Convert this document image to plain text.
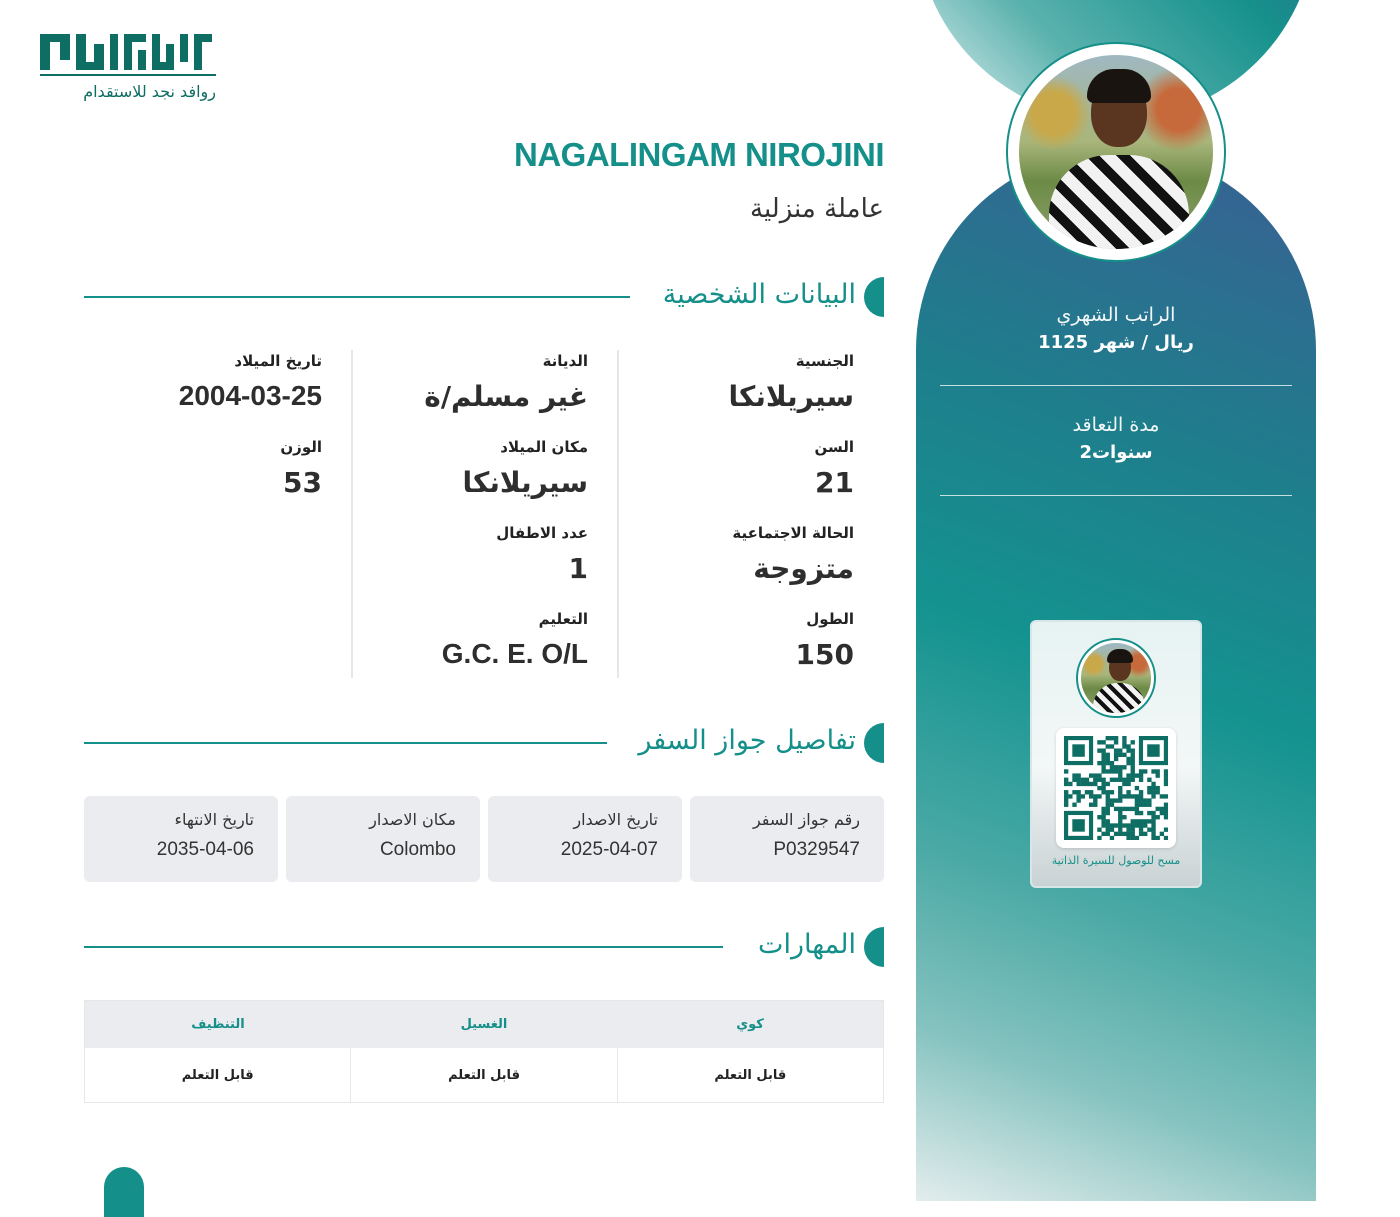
روافد نجد للاستقدام
NAGALINGAM NIROJINI
عاملة منزلية
البيانات الشخصية
الجنسية
سيريلانكا
السن
21
الحالة الاجتماعية
متزوجة
الطول
150
الديانة
غير مسلم/ة
مكان الميلاد
سيريلانكا
عدد الاطفال
1
التعليم
G.C. E. O/L
تاريخ الميلاد
2004-03-25
الوزن
53
تفاصيل جواز السفر
رقم جواز السفر
P0329547
تاريخ الاصدار
2025-04-07
مكان الاصدار
Colombo
تاريخ الانتهاء
2035-04-06
المهارات
كوي
الغسيل
التنظيف
قابل التعلم
قابل التعلم
قابل التعلم
الراتب الشهري
1125 ريال / شهر
مدة التعاقد
2سنوات
مسح للوصول للسيرة الذاتية
